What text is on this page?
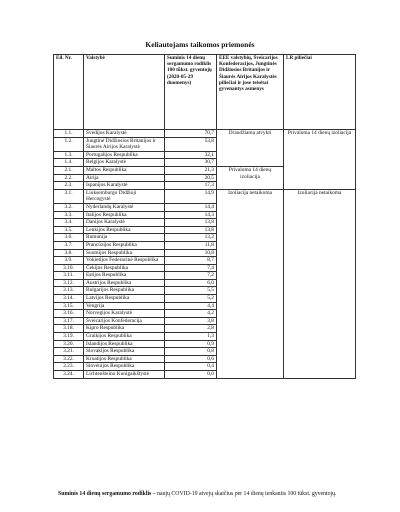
Keliautojams taikomos priemonės
Eil. Nr.	Valstybė	Suminis 14 dienų sergamumo rodiklis 100 tūkst. gyventojų (2020-05-29 duomenys)	EEE valstybių, Šveicarijos Konfederacijos, Jungtinės Didžiosios Britanijos ir Šiaurės Airijos Karalystės piliečiai ir jose teisėtai gyvenantys asmenys	LR piliečiai
1.1.	Švedijos Karalystė	70,7	Draudžiama atvykti	Privaloma 14 dienų izoliacija
1.2.	Jungtinė Didžiosios Britanijos ir Šiaurės Airijos Karalystė	53,8		
1.3.	Portugalijos Respublika	32,1		
1.4.	Belgijos Karalystė	30,7		
2.1.	Maltos Respublika	21,3	Privaloma 14 dienų izoliacija	
2.2.	Airija	20,5		
2.3.	Ispanijos Karalystė	17,3		
3.1.	Liuksemburgo Didžioji Hercogystė	14,9	Izoliacija netaikoma	Izoliacija netaikoma
3.2.	Nyderlandų Karalystė	14,4		
3.3.	Italijos Respublika	14,3		
3.4.	Danijos Karalystė	13,8		
3.5.	Lenkijos Respublika	13,8		
3.6.	Rumunija	13,2		
3.7.	Prancūzijos Respublika	11,8		
3.8.	Suomijos Respublika	10,8		
3.9.	Vokietijos Federacinė Respublika	8,7		
3.10.	Čekijos Respublika	7,4		
3.11.	Estijos Respublika	7,2		
3.12.	Austrijos Respublika	6,0		
3.13.	Bulgarijos Respublika	5,5		
3.14.	Latvijos Respublika	5,2		
3.15.	Vengrija	4,4		
3.16.	Norvegijos Karalystė	4,2		
3.17.	Šveicarijos Konfederacija	3,8		
3.18.	Kipro Respublika	2,8		
3.19.	Graikijos Respublika	1,3		
3.20.	Islandijos Respublika	0,9		
3.21.	Slovakijos Respublika	0,8		
3.22.	Kroatijos Respublika	0,6		
3.23.	Slovėnijos Respublika	0,4		
3.24.	Lichtenšteino Kunigaikštystė	0,0		
Suminis 14 dienų sergamumo rodiklis – naujų COVID-19 atvejų skaičius per 14 dienų tenkantis 100 tūkst. gyventojų.
